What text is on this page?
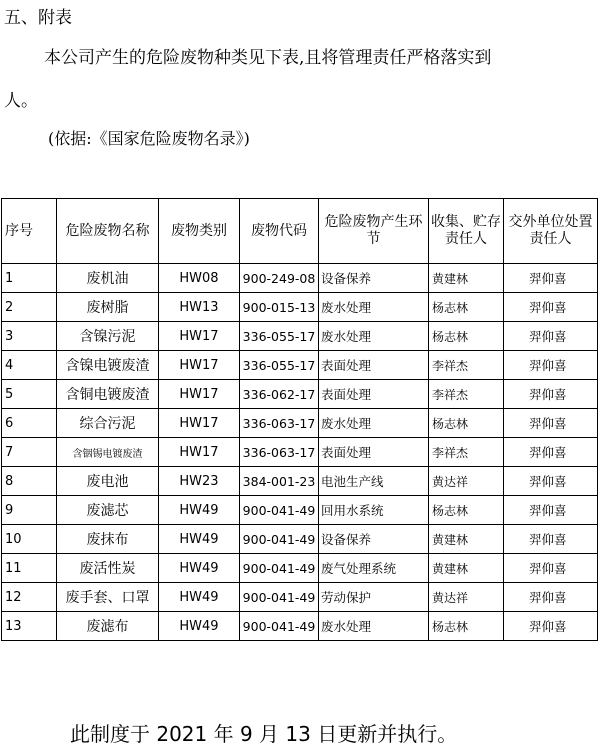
五、附表
本公司产生的危险废物种类见下表,且将管理责任严格落实到
人。
(依据:《国家危险废物名录》)
序号	危险废物名称	废物类别	废物代码	危险废物产生环节	收集、贮存责任人	交外单位处置责任人
1	废机油	HW08	900-249-08	设备保养	黄建林	羿仰喜
2	废树脂	HW13	900-015-13	废水处理	杨志林	羿仰喜
3	含镍污泥	HW17	336-055-17	废水处理	杨志林	羿仰喜
4	含镍电镀废渣	HW17	336-055-17	表面处理	李祥杰	羿仰喜
5	含铜电镀废渣	HW17	336-062-17	表面处理	李祥杰	羿仰喜
6	综合污泥	HW17	336-063-17	废水处理	杨志林	羿仰喜
7	含铟锡电镀废渣	HW17	336-063-17	表面处理	李祥杰	羿仰喜
8	废电池	HW23	384-001-23	电池生产线	黄达祥	羿仰喜
9	废滤芯	HW49	900-041-49	回用水系统	杨志林	羿仰喜
10	废抹布	HW49	900-041-49	设备保养	黄建林	羿仰喜
11	废活性炭	HW49	900-041-49	废气处理系统	黄建林	羿仰喜
12	废手套、口罩	HW49	900-041-49	劳动保护	黄达祥	羿仰喜
13	废滤布	HW49	900-041-49	废水处理	杨志林	羿仰喜
此制度于 2021 年 9 月 13 日更新并执行。
